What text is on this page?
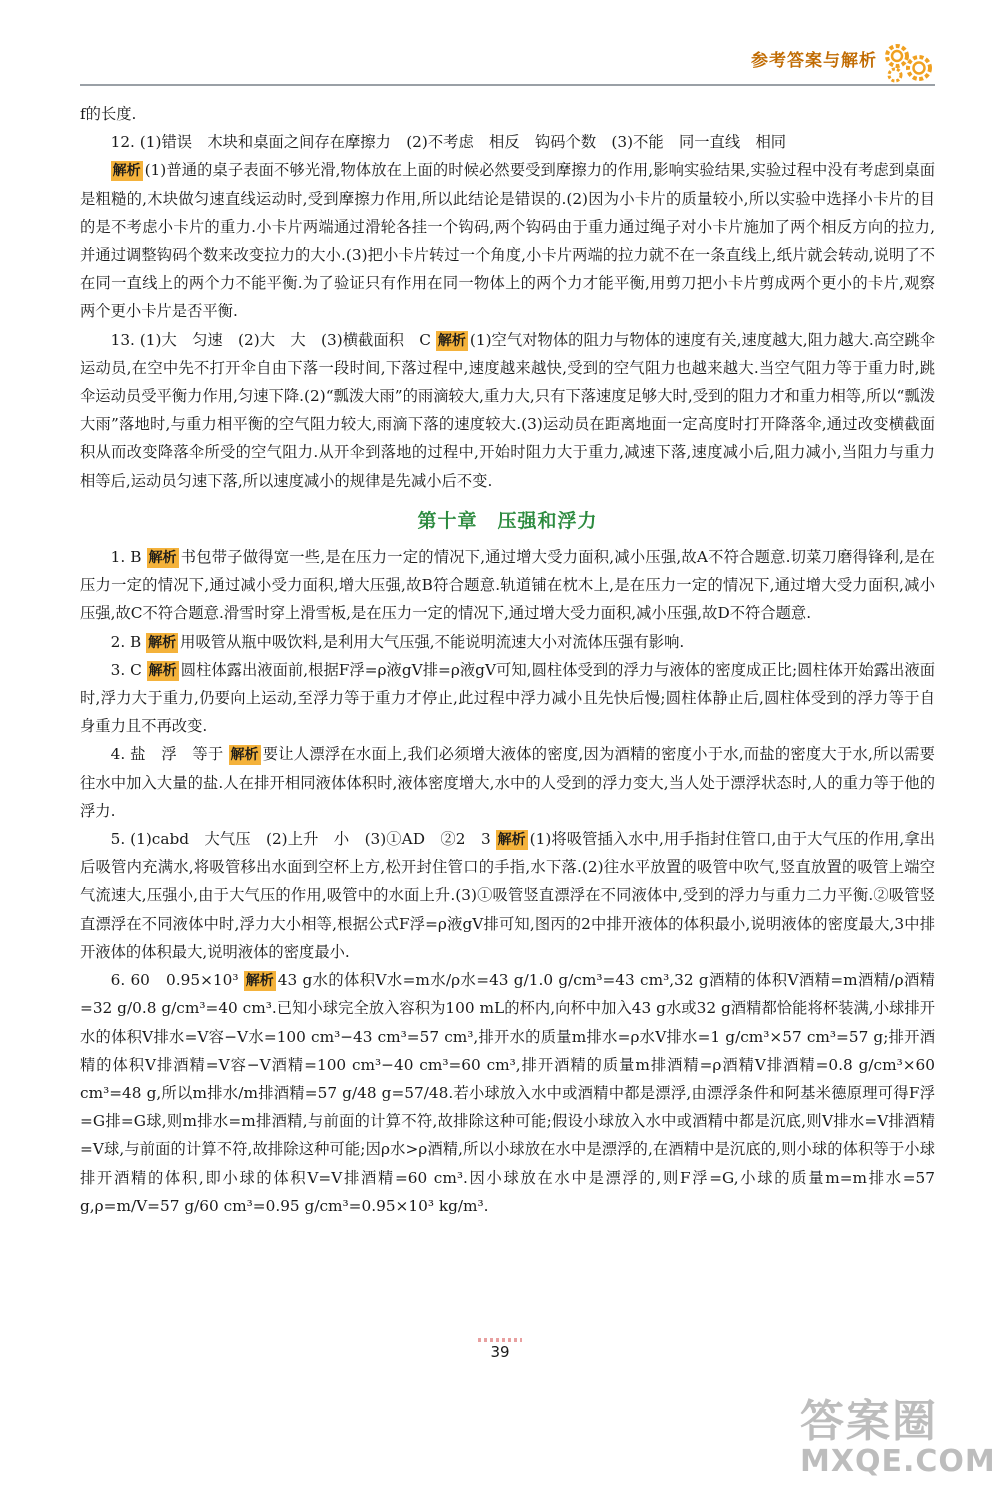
参考答案与解析

f的长度.

12. (1)错误　木块和桌面之间存在摩擦力　(2)不考虑　相反　钩码个数　(3)不能　同一直线　相同

解析 (1)普通的桌子表面不够光滑,物体放在上面的时候必然要受到摩擦力的作用,影响实验结果,实验过程中没有考虑到桌面是粗糙的,木块做匀速直线运动时,受到摩擦力作用,所以此结论是错误的.(2)因为小卡片的质量较小,所以实验中选择小卡片的目的是不考虑小卡片的重力.小卡片两端通过滑轮各挂一个钩码,两个钩码由于重力通过绳子对小卡片施加了两个相反方向的拉力,并通过调整钩码个数来改变拉力的大小.(3)把小卡片转过一个角度,小卡片两端的拉力就不在一条直线上,纸片就会转动,说明了不在同一直线上的两个力不能平衡.为了验证只有作用在同一物体上的两个力才能平衡,用剪刀把小卡片剪成两个更小的卡片,观察两个更小卡片是否平衡.

13. (1)大　匀速　(2)大　大　(3)横截面积　C 解析 (1)空气对物体的阻力与物体的速度有关,速度越大,阻力越大.高空跳伞运动员,在空中先不打开伞自由下落一段时间,下落过程中,速度越来越快,受到的空气阻力也越来越大.当空气阻力等于重力时,跳伞运动员受平衡力作用,匀速下降.(2)“瓢泼大雨”的雨滴较大,重力大,只有下落速度足够大时,受到的阻力才和重力相等,所以“瓢泼大雨”落地时,与重力相平衡的空气阻力较大,雨滴下落的速度较大.(3)运动员在距离地面一定高度时打开降落伞,通过改变横截面积从而改变降落伞所受的空气阻力.从开伞到落地的过程中,开始时阻力大于重力,减速下落,速度减小后,阻力减小,当阻力与重力相等后,运动员匀速下落,所以速度减小的规律是先减小后不变.

第十章　压强和浮力

1. B 解析 书包带子做得宽一些,是在压力一定的情况下,通过增大受力面积,减小压强,故A不符合题意.切菜刀磨得锋利,是在压力一定的情况下,通过减小受力面积,增大压强,故B符合题意.轨道铺在枕木上,是在压力一定的情况下,通过增大受力面积,减小压强,故C不符合题意.滑雪时穿上滑雪板,是在压力一定的情况下,通过增大受力面积,减小压强,故D不符合题意.

2. B 解析 用吸管从瓶中吸饮料,是利用大气压强,不能说明流速大小对流体压强有影响.

3. C 解析 圆柱体露出液面前,根据F浮=ρ液gV排=ρ液gV可知,圆柱体受到的浮力与液体的密度成正比;圆柱体开始露出液面时,浮力大于重力,仍要向上运动,至浮力等于重力才停止,此过程中浮力减小且先快后慢;圆柱体静止后,圆柱体受到的浮力等于自身重力且不再改变.

4. 盐　浮　等于 解析 要让人漂浮在水面上,我们必须增大液体的密度,因为酒精的密度小于水,而盐的密度大于水,所以需要往水中加入大量的盐.人在排开相同液体体积时,液体密度增大,水中的人受到的浮力变大,当人处于漂浮状态时,人的重力等于他的浮力.

5. (1)cabd　大气压　(2)上升　小　(3)①AD　②2　3 解析 (1)将吸管插入水中,用手指封住管口,由于大气压的作用,拿出后吸管内充满水,将吸管移出水面到空杯上方,松开封住管口的手指,水下落.(2)往水平放置的吸管中吹气,竖直放置的吸管上端空气流速大,压强小,由于大气压的作用,吸管中的水面上升.(3)①吸管竖直漂浮在不同液体中,受到的浮力与重力二力平衡.②吸管竖直漂浮在不同液体中时,浮力大小相等,根据公式F浮=ρ液gV排可知,图丙的2中排开液体的体积最小,说明液体的密度最大,3中排开液体的体积最大,说明液体的密度最小.

6. 60　0.95×10³ 解析 43 g水的体积V水=m水/ρ水=43 g/1.0 g/cm³=43 cm³,32 g酒精的体积V酒精=m酒精/ρ酒精=32 g/0.8 g/cm³=40 cm³.已知小球完全放入容积为100 mL的杯内,向杯中加入43 g水或32 g酒精都恰能将杯装满,小球排开水的体积V排水=V容−V水=100 cm³−43 cm³=57 cm³,排开水的质量m排水=ρ水V排水=1 g/cm³×57 cm³=57 g;排开酒精的体积V排酒精=V容−V酒精=100 cm³−40 cm³=60 cm³,排开酒精的质量m排酒精=ρ酒精V排酒精=0.8 g/cm³×60 cm³=48 g,所以m排水/m排酒精=57 g/48 g=57/48.若小球放入水中或酒精中都是漂浮,由漂浮条件和阿基米德原理可得F浮=G排=G球,则m排水=m排酒精,与前面的计算不符,故排除这种可能;假设小球放入水中或酒精中都是沉底,则V排水=V排酒精=V球,与前面的计算不符,故排除这种可能;因ρ水>ρ酒精,所以小球放在水中是漂浮的,在酒精中是沉底的,则小球的体积等于小球排开酒精的体积,即小球的体积V=V排酒精=60 cm³.因小球放在水中是漂浮的,则F浮=G,小球的质量m=m排水=57 g,ρ=m/V=57 g/60 cm³=0.95 g/cm³=0.95×10³ kg/m³.

39
答案圈
MXQE.COM
